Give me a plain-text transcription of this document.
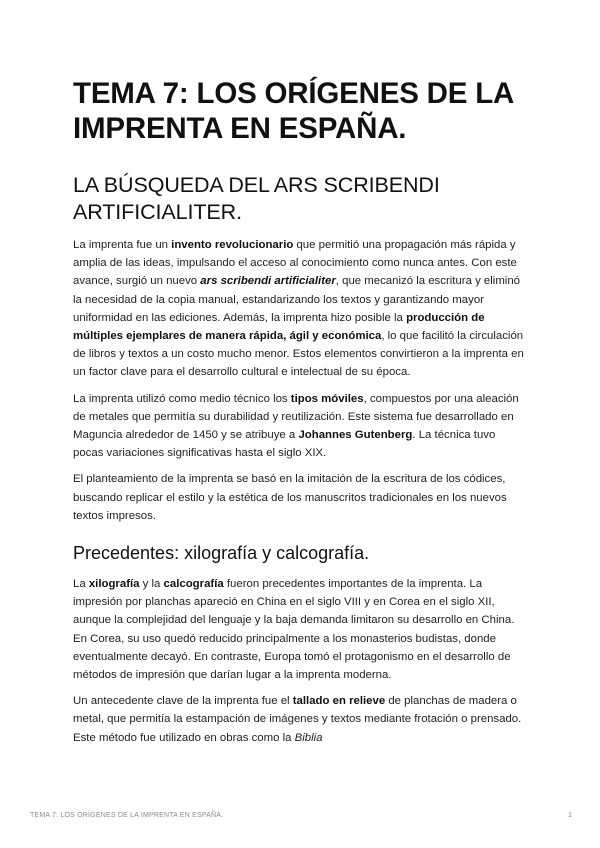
TEMA 7: LOS ORÍGENES DE LA IMPRENTA EN ESPAÑA.
LA BÚSQUEDA DEL ARS SCRIBENDI ARTIFICIALITER.

La imprenta fue un invento revolucionario que permitió una propagación más rápida y amplia de las ideas, impulsando el acceso al conocimiento como nunca antes. Con este avance, surgió un nuevo ars scribendi artificialiter, que mecanizó la escritura y eliminó la necesidad de la copia manual, estandarizando los textos y garantizando mayor uniformidad en las ediciones. Además, la imprenta hizo posible la producción de múltiples ejemplares de manera rápida, ágil y económica, lo que facilitó la circulación de libros y textos a un costo mucho menor. Estos elementos convirtieron a la imprenta en un factor clave para el desarrollo cultural e intelectual de su época.

La imprenta utilizó como medio técnico los tipos móviles, compuestos por una aleación de metales que permitía su durabilidad y reutilización. Este sistema fue desarrollado en Maguncia alrededor de 1450 y se atribuye a Johannes Gutenberg. La técnica tuvo pocas variaciones significativas hasta el siglo XIX.

El planteamiento de la imprenta se basó en la imitación de la escritura de los códices, buscando replicar el estilo y la estética de los manuscritos tradicionales en los nuevos textos impresos.

Precedentes: xilografía y calcografía.

La xilografía y la calcografía fueron precedentes importantes de la imprenta. La impresión por planchas apareció en China en el siglo VIII y en Corea en el siglo XII, aunque la complejidad del lenguaje y la baja demanda limitaron su desarrollo en China. En Corea, su uso quedó reducido principalmente a los monasterios budistas, donde eventualmente decayó. En contraste, Europa tomó el protagonismo en el desarrollo de métodos de impresión que darían lugar a la imprenta moderna.

Un antecedente clave de la imprenta fue el tallado en relieve de planchas de madera o metal, que permitía la estampación de imágenes y textos mediante frotación o prensado. Este método fue utilizado en obras como la Biblia

TEMA 7: LOS ORÍGENES DE LA IMPRENTA EN ESPAÑA.	1
